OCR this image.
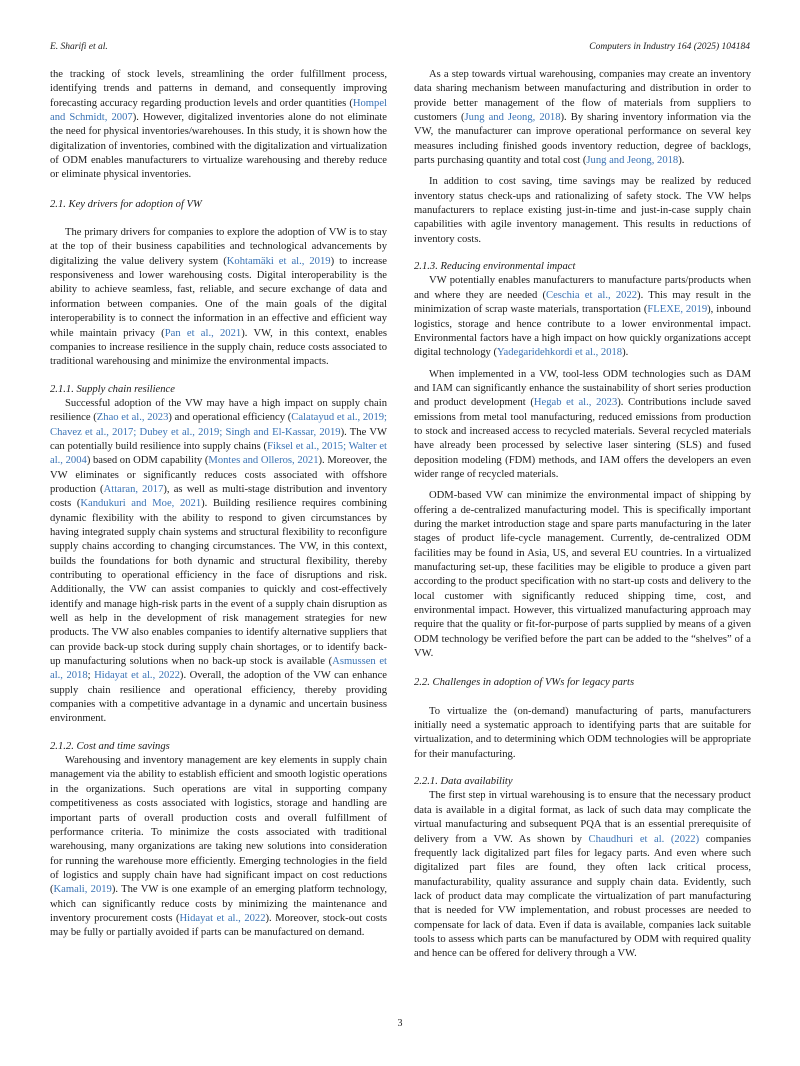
E. Sharifi et al.	Computers in Industry 164 (2025) 104184

the tracking of stock levels, streamlining the order fulfillment process, identifying trends and patterns in demand, and consequently improving forecasting accuracy regarding production levels and order quantities (Hompel and Schmidt, 2007). However, digitalized inventories alone do not eliminate the need for physical inventories/warehouses. In this study, it is shown how the digitalization of inventories, combined with the digitalization and virtualization of ODM enables manufacturers to virtualize warehousing and thereby reduce or eliminate physical inventories.

2.1. Key drivers for adoption of VW

The primary drivers for companies to explore the adoption of VW is to stay at the top of their business capabilities and technological advancements by digitalizing the value delivery system (Kohtamäki et al., 2019) to increase responsiveness and lower warehousing costs. Digital interoperability is the ability to achieve seamless, fast, reliable, and secure exchange of data and information between companies. One of the main goals of the digital interoperability is to connect the information in an effective and efficient way while maintain privacy (Pan et al., 2021). VW, in this context, enables companies to increase resilience in the supply chain, reduce costs associated to traditional warehousing and minimize the environmental impacts.

2.1.1. Supply chain resilience

Successful adoption of the VW may have a high impact on supply chain resilience (Zhao et al., 2023) and operational efficiency (Calatayud et al., 2019; Chavez et al., 2017; Dubey et al., 2019; Singh and El-Kassar, 2019). The VW can potentially build resilience into supply chains (Fiksel et al., 2015; Walter et al., 2004) based on ODM capability (Montes and Olleros, 2021). Moreover, the VW eliminates or significantly reduces costs associated with offshore production (Attaran, 2017), as well as multi-stage distribution and inventory costs (Kandukuri and Moe, 2021). Building resilience requires combining dynamic flexibility with the ability to respond to given circumstances by having integrated supply chain systems and structural flexibility to reconfigure supply chains according to changing circumstances. The VW, in this context, builds the foundations for both dynamic and structural flexibility, thereby contributing to operational efficiency in the face of disruptions and risk. Additionally, the VW can assist companies to quickly and cost-effectively identify and manage high-risk parts in the event of a supply chain disruption as well as help in the development of risk management strategies for new products. The VW also enables companies to identify alternative suppliers that can provide back-up stock during supply chain shortages, or to identify back-up manufacturing solutions when no back-up stock is available (Asmussen et al., 2018; Hidayat et al., 2022). Overall, the adoption of the VW can enhance supply chain resilience and operational efficiency, thereby providing companies with a competitive advantage in a dynamic and uncertain business environment.

2.1.2. Cost and time savings

Warehousing and inventory management are key elements in supply chain management via the ability to establish efficient and smooth logistic operations in the organizations. Such operations are vital in supporting company competitiveness as costs associated with logistics, storage and handling are important parts of overall production costs and overall fulfillment of performance criteria. To minimize the costs associated with traditional warehousing, many organizations are taking new solutions into consideration for running the warehouse more efficiently. Emerging technologies in the field of logistics and supply chain have had significant impact on cost reductions (Kamali, 2019). The VW is one example of an emerging platform technology, which can significantly reduce costs by minimizing the maintenance and inventory procurement costs (Hidayat et al., 2022). Moreover, stock-out costs may be fully or partially avoided if parts can be manufactured on demand.

As a step towards virtual warehousing, companies may create an inventory data sharing mechanism between manufacturing and distribution in order to provide better management of the flow of materials from suppliers to customers (Jung and Jeong, 2018). By sharing inventory information via the VW, the manufacturer can improve operational performance on several key measures including finished goods inventory reduction, degree of backlogs, parts purchasing quantity and total cost (Jung and Jeong, 2018).

In addition to cost saving, time savings may be realized by reduced inventory status check-ups and rationalizing of safety stock. The VW helps manufacturers to replace existing just-in-time and just-in-case supply chain capabilities with agile inventory management. This results in reductions of inventory costs.

2.1.3. Reducing environmental impact

VW potentially enables manufacturers to manufacture parts/products when and where they are needed (Ceschia et al., 2022). This may result in the minimization of scrap waste materials, transportation (FLEXE, 2019), inbound logistics, storage and hence contribute to a lower environmental impact. Environmental factors have a high impact on how quickly organizations accept digital technology (Yadegaridehkordi et al., 2018).

When implemented in a VW, tool-less ODM technologies such as DAM and IAM can significantly enhance the sustainability of short series production and product development (Hegab et al., 2023). Contributions include saved emissions from metal tool manufacturing, reduced emissions from production to stock and increased access to recycled materials. Several recycled materials have already been processed by selective laser sintering (SLS) and fused deposition modeling (FDM) methods, and IAM offers the developers an even wider range of recycled materials.

ODM-based VW can minimize the environmental impact of shipping by offering a de-centralized manufacturing model. This is specifically important during the market introduction stage and spare parts manufacturing in the later stages of product life-cycle management. Currently, de-centralized ODM facilities may be found in Asia, US, and several EU countries. In a virtualized manufacturing set-up, these facilities may be eligible to produce a given part according to the product specification with no start-up costs and delivery to the local customer with significantly reduced shipping time, cost, and environmental impact. However, this virtualized manufacturing approach may require that the quality or fit-for-purpose of parts supplied by means of a given ODM technology be verified before the part can be added to the “shelves” of a VW.

2.2. Challenges in adoption of VWs for legacy parts

To virtualize the (on-demand) manufacturing of parts, manufacturers initially need a systematic approach to identifying parts that are suitable for virtualization, and to determining which ODM technologies will be appropriate for their manufacturing.

2.2.1. Data availability

The first step in virtual warehousing is to ensure that the necessary product data is available in a digital format, as lack of such data may complicate the virtual manufacturing and subsequent PQA that is an essential prerequisite of delivery from a VW. As shown by Chaudhuri et al. (2022) companies frequently lack digitalized part files for legacy parts. And even where such digitalized part files are found, they often lack critical process, manufacturability, quality assurance and supply chain data. Evidently, such lack of product data may complicate the virtualization of part manufacturing that is needed for VW implementation, and robust processes are needed to compensate for lack of data. Even if data is available, companies lack suitable tools to assess which parts can be manufactured by ODM with required quality and hence can be offered for delivery through a VW.

3
